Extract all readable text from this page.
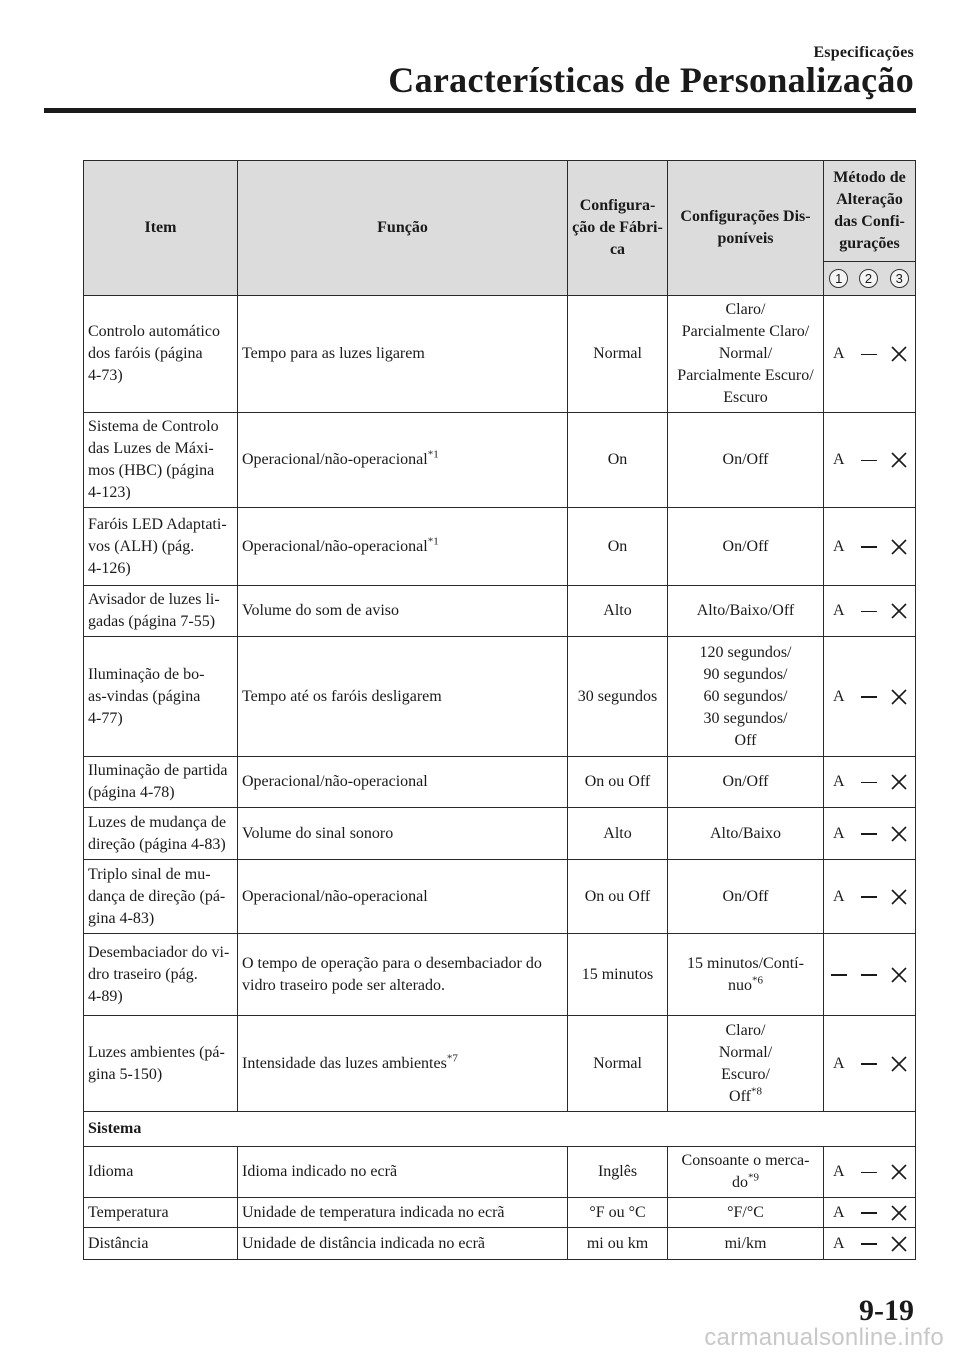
Especificações
Características de Personalização
Item	Função	Configura-
ção de Fábri-
ca	Configurações Dis-
poníveis	Método de
Alteração
das Confi-
gurações		
				1	2	3
Controlo automático
dos faróis (página
4-73)	Tempo para as luzes ligarem	Normal	Claro/
Parcialmente Claro/
Normal/
Parcialmente Escuro/
Escuro	A		
Sistema de Controlo
das Luzes de Máxi-
mos (HBC) (página
4-123)	Operacional/não-operacional$^{*1}$	On	On/Off	A		
Faróis LED Adaptati-
vos (ALH) (pág.
4-126)	Operacional/não-operacional$^{*1}$	On	On/Off	A		
Avisador de luzes li-
gadas (página 7-55)	Volume do som de aviso	Alto	Alto/Baixo/Off	A		
Iluminação de bo-
as-vindas (página
4-77)	Tempo até os faróis desligarem	30 segundos	120 segundos/
90 segundos/
60 segundos/
30 segundos/
Off	A		
Iluminação de partida
(página 4-78)	Operacional/não-operacional	On ou Off	On/Off	A		
Luzes de mudança de
direção (página 4-83)	Volume do sinal sonoro	Alto	Alto/Baixo	A		
Triplo sinal de mu-
dança de direção (pá-
gina 4-83)	Operacional/não-operacional	On ou Off	On/Off	A		
Desembaciador do vi-
dro traseiro (pág.
4-89)	O tempo de operação para o desembaciador do vidro traseiro pode ser alterado.	15 minutos	15 minutos/Contí-
nuo$^{*6}$			
Luzes ambientes (pá-
gina 5-150)	Intensidade das luzes ambientes$^{*7}$	Normal	Claro/
Normal/
Escuro/
Off$^{*8}$	A		
Sistema						
Idioma	Idioma indicado no ecrã	Inglês	Consoante o merca-
$do^{*9}$	A		
Temperatura	Unidade de temperatura indicada no ecrã	°F ou °C	°F/°C	A		
Distância	Unidade de distância indicada no ecrã	mi ou km	mi/km	A		
9-19
carmanualsonline.info
